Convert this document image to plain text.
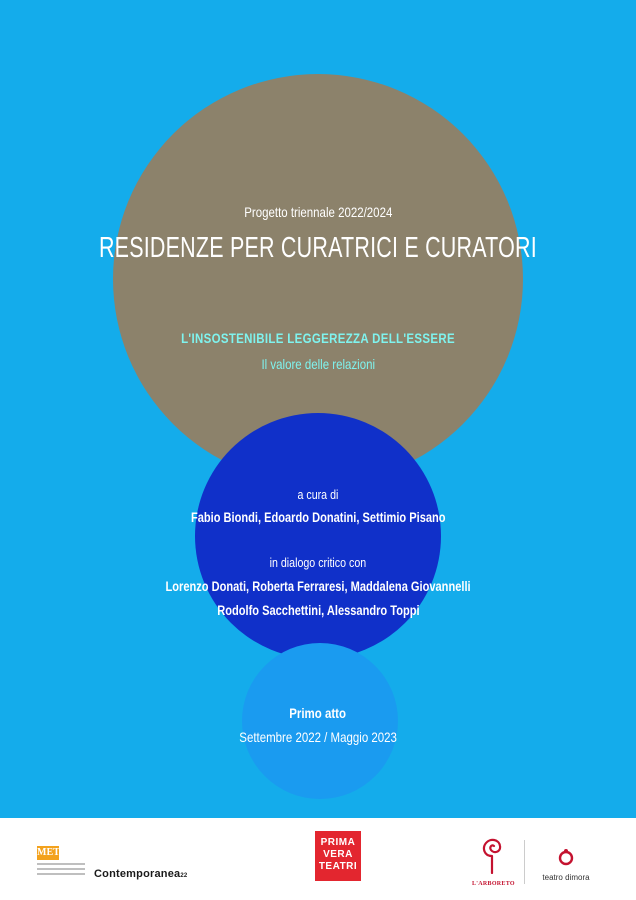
Progetto triennale 2022/2024
RESIDENZE PER CURATRICI E CURATORI
L'INSOSTENIBILE LEGGEREZZA DELL'ESSERE
Il valore delle relazioni
a cura di
Fabio Biondi, Edoardo Donatini, Settimio Pisano
in dialogo critico con
Lorenzo Donati, Roberta Ferraresi, Maddalena Giovannelli
Rodolfo Sacchettini, Alessandro Toppi
Primo atto
Settembre 2022 / Maggio 2023
MET
Contemporanea22
PRIMA
VERA
TEATRI
L'ARBORETO
teatro dimora
